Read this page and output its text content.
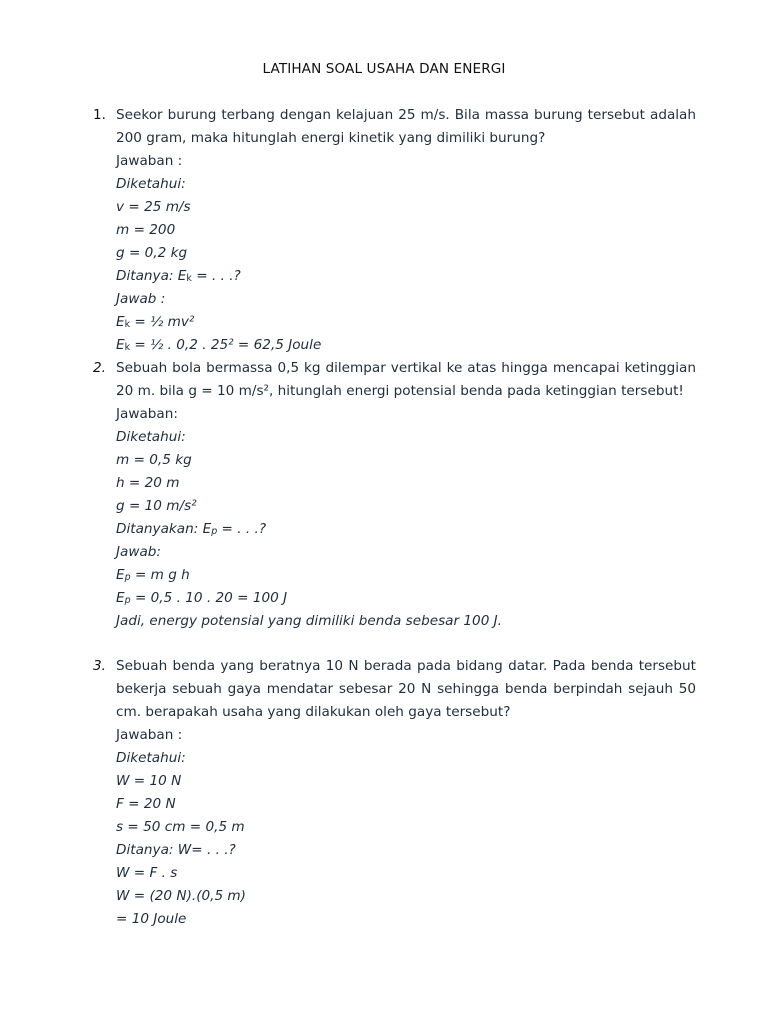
LATIHAN SOAL USAHA DAN ENERGI
1. Seekor burung terbang dengan kelajuan 25 m/s. Bila massa burung tersebut adalah 200 gram, maka hitunglah energi kinetik yang dimiliki burung?
Jawaban :
Diketahui:
v = 25 m/s
m = 200
g = 0,2 kg
Ditanya: Ek = . . .?
Jawab :
Ek = ½ mv²
Ek = ½ . 0,2 . 25² = 62,5 Joule
2. Sebuah bola bermassa 0,5 kg dilempar vertikal ke atas hingga mencapai ketinggian 20 m. bila g = 10 m/s², hitunglah energi potensial benda pada ketinggian tersebut!
Jawaban:
Diketahui:
m = 0,5 kg
h = 20 m
g = 10 m/s²
Ditanyakan: Ep = . . .?
Jawab:
Ep = m g h
Ep = 0,5 . 10 . 20 = 100 J
Jadi, energy potensial yang dimiliki benda sebesar 100 J.
3. Sebuah benda yang beratnya 10 N berada pada bidang datar. Pada benda tersebut bekerja sebuah gaya mendatar sebesar 20 N sehingga benda berpindah sejauh 50 cm. berapakah usaha yang dilakukan oleh gaya tersebut?
Jawaban :
Diketahui:
W = 10 N
F = 20 N
s = 50 cm = 0,5 m
Ditanya: W= . . .?
W = F . s
W = (20 N).(0,5 m)
= 10 Joule
